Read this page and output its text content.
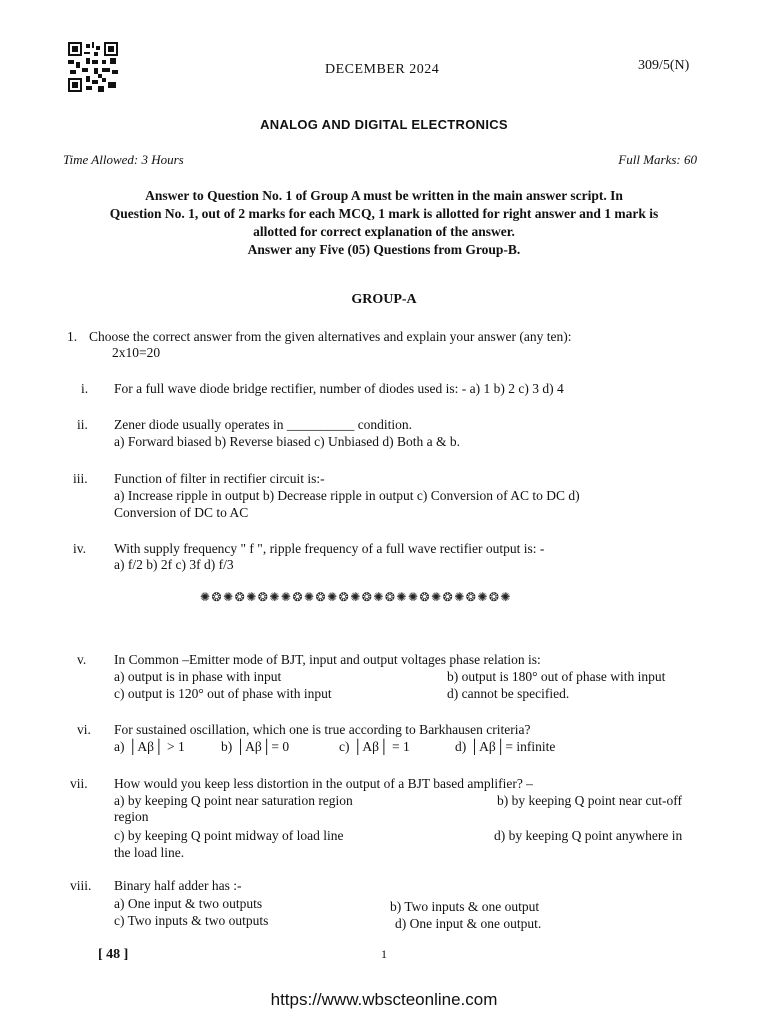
DECEMBER 2024	309/5(N)
ANALOG AND DIGITAL ELECTRONICS
Time Allowed: 3 Hours	Full Marks: 60
Answer to Question No. 1 of Group A must be written in the main answer script. In
Question No. 1, out of 2 marks for each MCQ, 1 mark is allotted for right answer and 1 mark is
allotted for correct explanation of the answer.
Answer any Five (05) Questions from Group-B.
GROUP-A
1. Choose the correct answer from the given alternatives and explain your answer (any ten):
2x10=20
i. For a full wave diode bridge rectifier, number of diodes used is: - a) 1 b) 2 c) 3 d) 4
ii. Zener diode usually operates in __________ condition.
a) Forward biased b) Reverse biased c) Unbiased d) Both a & b.
iii. Function of filter in rectifier circuit is:-
a) Increase ripple in output b) Decrease ripple in output c) Conversion of AC to DC d)
Conversion of DC to AC
iv. With supply frequency " f ", ripple frequency of a full wave rectifier output is: -
a) f/2 b) 2f c) 3f d) f/3
✺❂✺❂✺❂✺✺❂✺❂✺❂✺❂✺❂✺✺❂✺❂✺❂✺❂✺
v. In Common –Emitter mode of BJT, input and output voltages phase relation is:
a) output is in phase with input	b) output is 180° out of phase with input
c) output is 120° out of phase with input	d) cannot be specified.
vi. For sustained oscillation, which one is true according to Barkhausen criteria?
a) │Aβ│ > 1	b) │Aβ│= 0	c) │Aβ│ = 1	d) │Aβ│= infinite
vii. How would you keep less distortion in the output of a BJT based amplifier? –
a) by keeping Q point near saturation region	b) by keeping Q point near cut-off
region
c) by keeping Q point midway of load line	d) by keeping Q point anywhere in
the load line.
viii. Binary half adder has :-
a) One input & two outputs	b) Two inputs & one output
c) Two inputs & two outputs	d) One input & one output.
[ 48 ]	1
https://www.wbscteonline.com
